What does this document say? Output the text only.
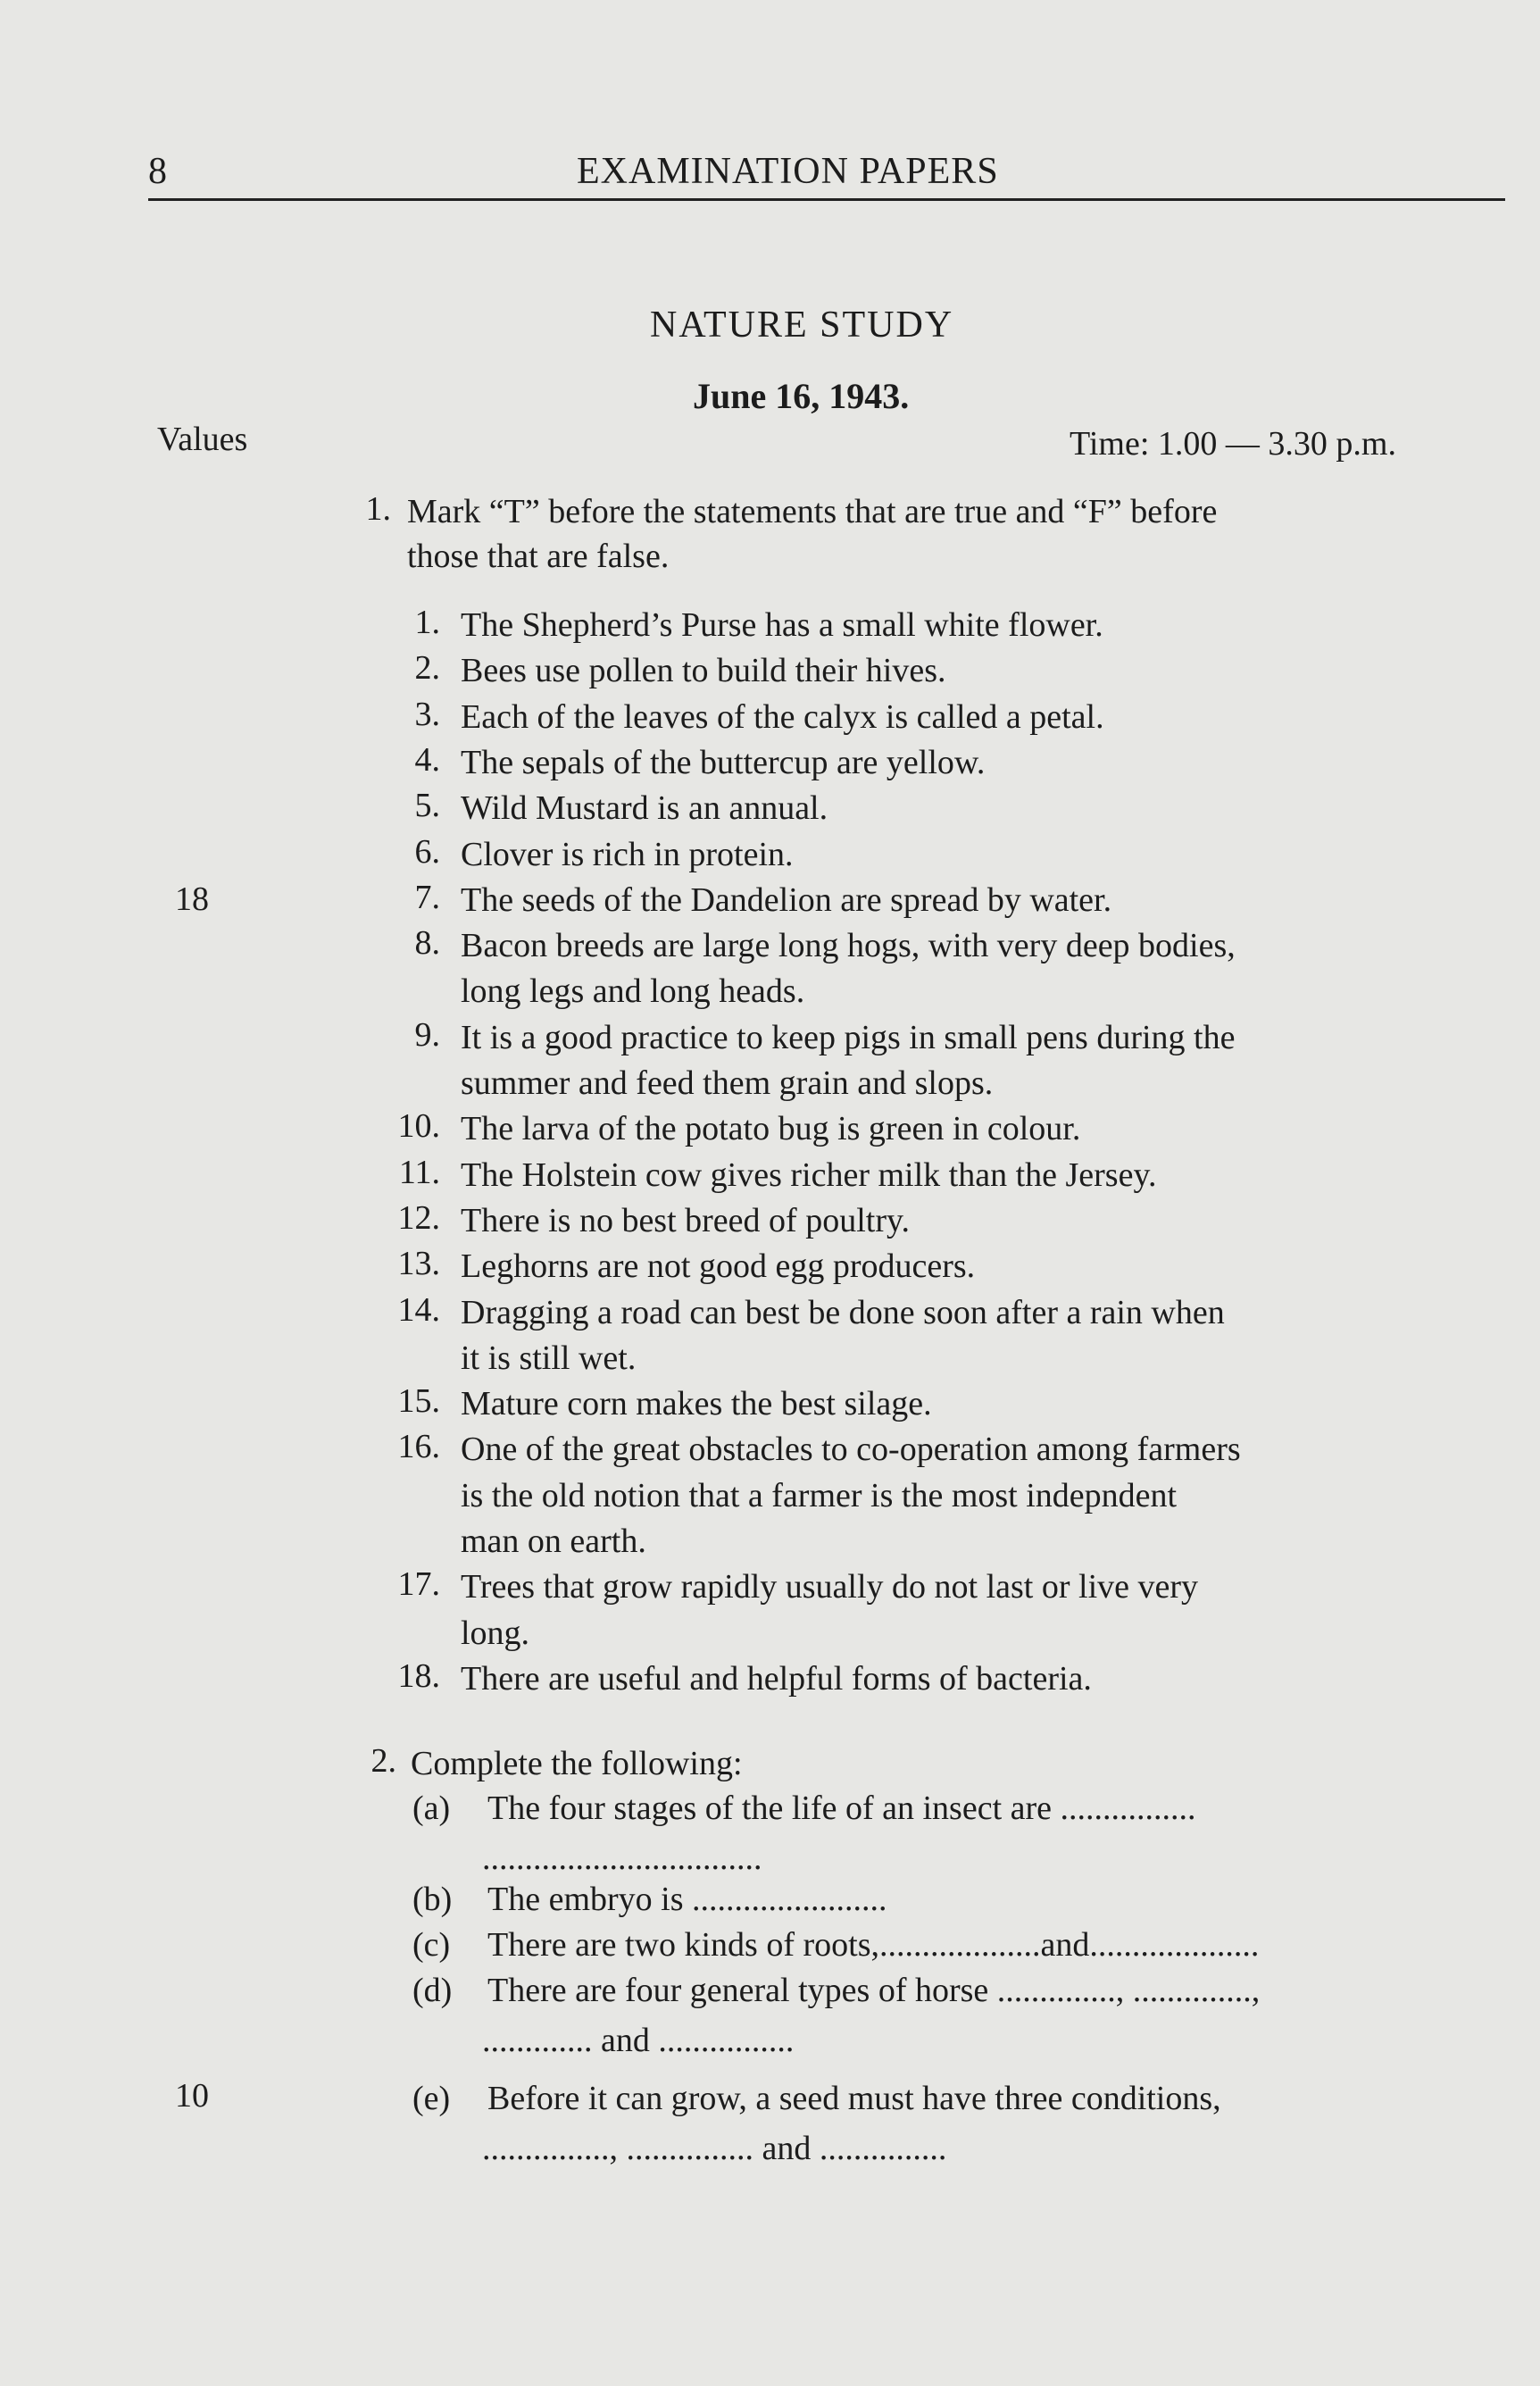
8	EXAMINATION PAPERS
NATURE STUDY
June 16, 1943.
Values	Time: 1.00 — 3.30 p.m.
1. Mark “T” before the statements that are true and “F” before
those that are false.
1. The Shepherd’s Purse has a small white flower.
2. Bees use pollen to build their hives.
3. Each of the leaves of the calyx is called a petal.
4. The sepals of the buttercup are yellow.
5. Wild Mustard is an annual.
6. Clover is rich in protein.
7. The seeds of the Dandelion are spread by water.
8. Bacon breeds are large long hogs, with very deep bodies,
long legs and long heads.
9. It is a good practice to keep pigs in small pens during the
summer and feed them grain and slops.
10. The larva of the potato bug is green in colour.
11. The Holstein cow gives richer milk than the Jersey.
12. There is no best breed of poultry.
13. Leghorns are not good egg producers.
14. Dragging a road can best be done soon after a rain when
it is still wet.
15. Mature corn makes the best silage.
16. One of the great obstacles to co-operation among farmers
is the old notion that a farmer is the most indepndent
man on earth.
17. Trees that grow rapidly usually do not last or live very
long.
18. There are useful and helpful forms of bacteria.
18
2. Complete the following:
(a) The four stages of the life of an insect are ................
.................................
(b) The embryo is .......................
(c) There are two kinds of roots,...................and....................
(d) There are four general types of horse .............., ..............,
............. and ................
(e) Before it can grow, a seed must have three conditions,
..............., ............... and ...............
10
